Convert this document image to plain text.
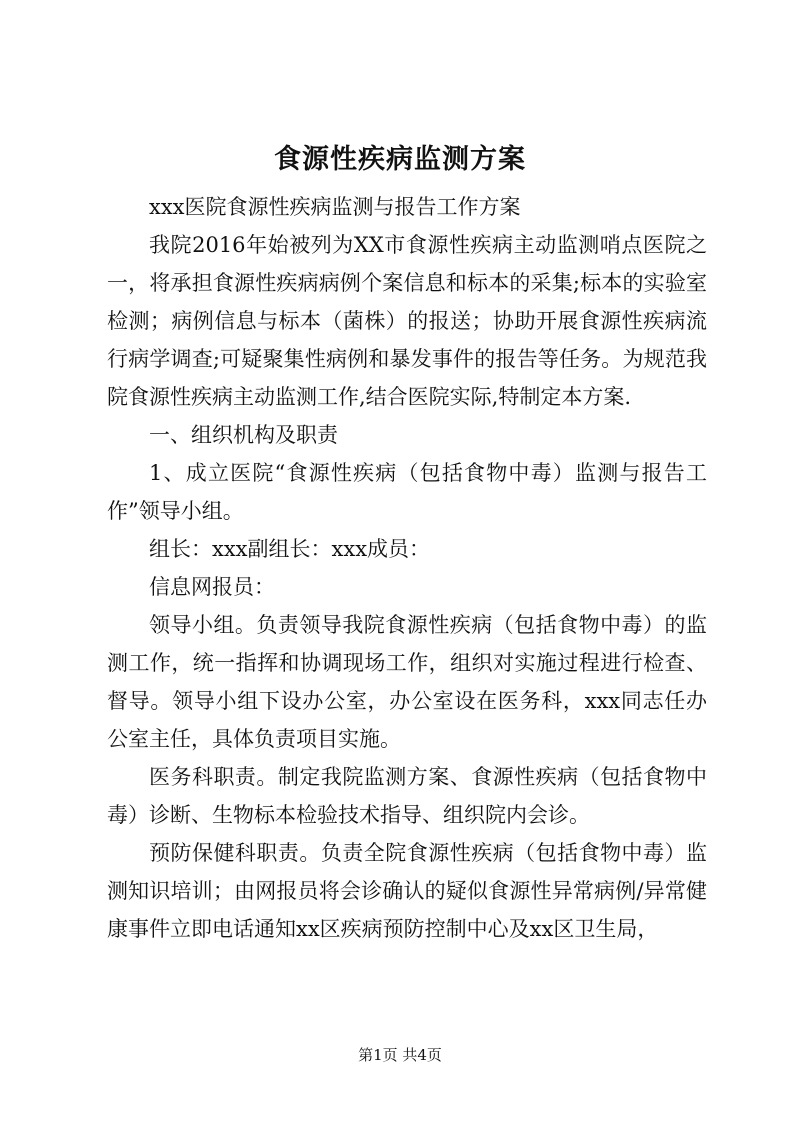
食源性疾病监测方案

xxx医院食源性疾病监测与报告工作方案

我院2016年始被列为XX市食源性疾病主动监测哨点医院之一，将承担食源性疾病病例个案信息和标本的采集;标本的实验室检测；病例信息与标本（菌株）的报送；协助开展食源性疾病流行病学调查;可疑聚集性病例和暴发事件的报告等任务。为规范我院食源性疾病主动监测工作,结合医院实际,特制定本方案.

一、组织机构及职责

1、成立医院“食源性疾病（包括食物中毒）监测与报告工作”领导小组。

组长：xxx副组长：xxx成员：

信息网报员：

领导小组。负责领导我院食源性疾病（包括食物中毒）的监测工作，统一指挥和协调现场工作，组织对实施过程进行检查、督导。领导小组下设办公室，办公室设在医务科，xxx同志任办公室主任，具体负责项目实施。

医务科职责。制定我院监测方案、食源性疾病（包括食物中毒）诊断、生物标本检验技术指导、组织院内会诊。

预防保健科职责。负责全院食源性疾病（包括食物中毒）监测知识培训；由网报员将会诊确认的疑似食源性异常病例/异常健康事件立即电话通知xx区疾病预防控制中心及xx区卫生局，

第1页 共4页
